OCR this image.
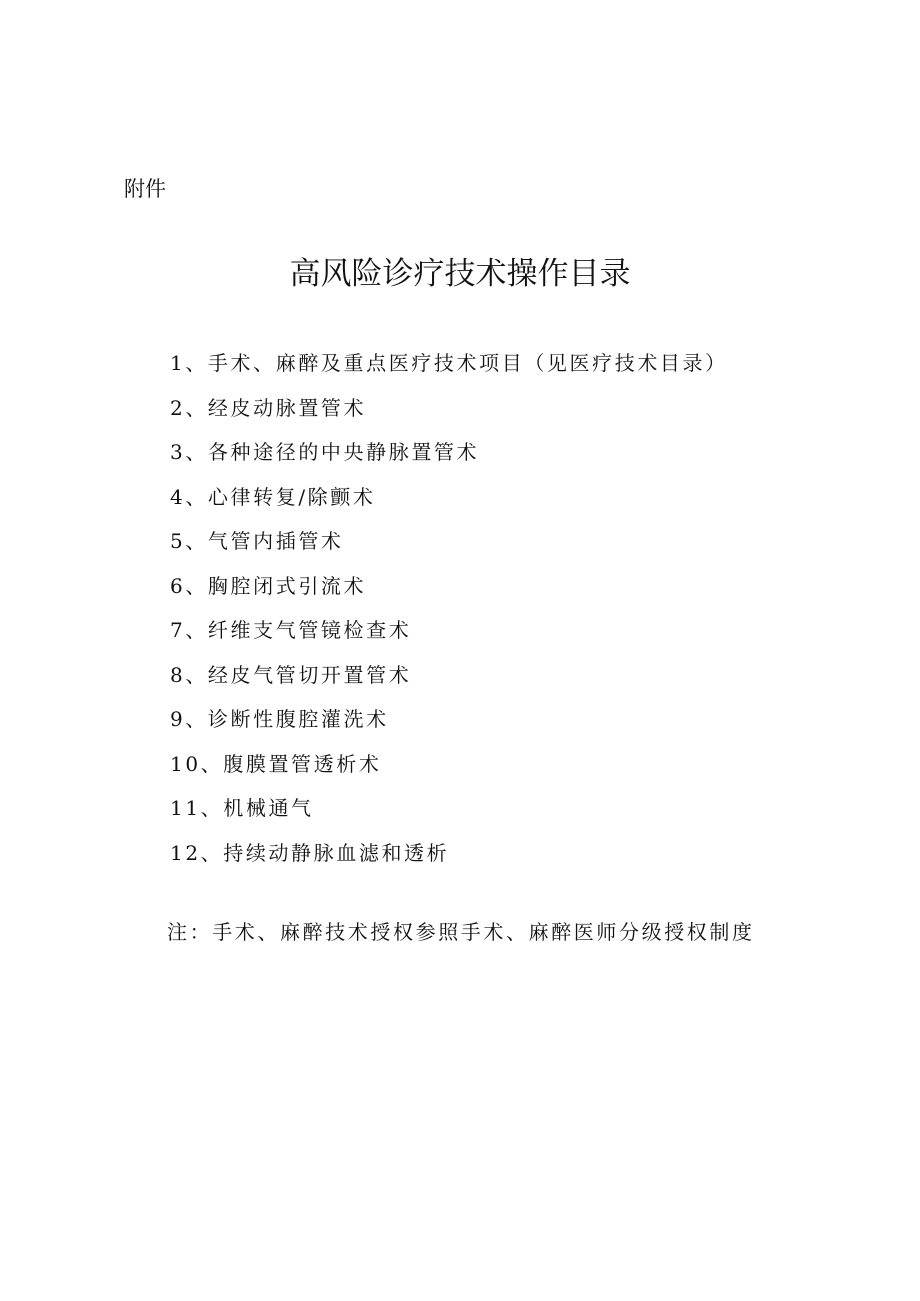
附件
高风险诊疗技术操作目录
1、手术、麻醉及重点医疗技术项目（见医疗技术目录）
2、经皮动脉置管术
3、各种途径的中央静脉置管术
4、心律转复/除颤术
5、气管内插管术
6、胸腔闭式引流术
7、纤维支气管镜检查术
8、经皮气管切开置管术
9、诊断性腹腔灌洗术
10、腹膜置管透析术
11、机械通气
12、持续动静脉血滤和透析
注：手术、麻醉技术授权参照手术、麻醉医师分级授权制度
